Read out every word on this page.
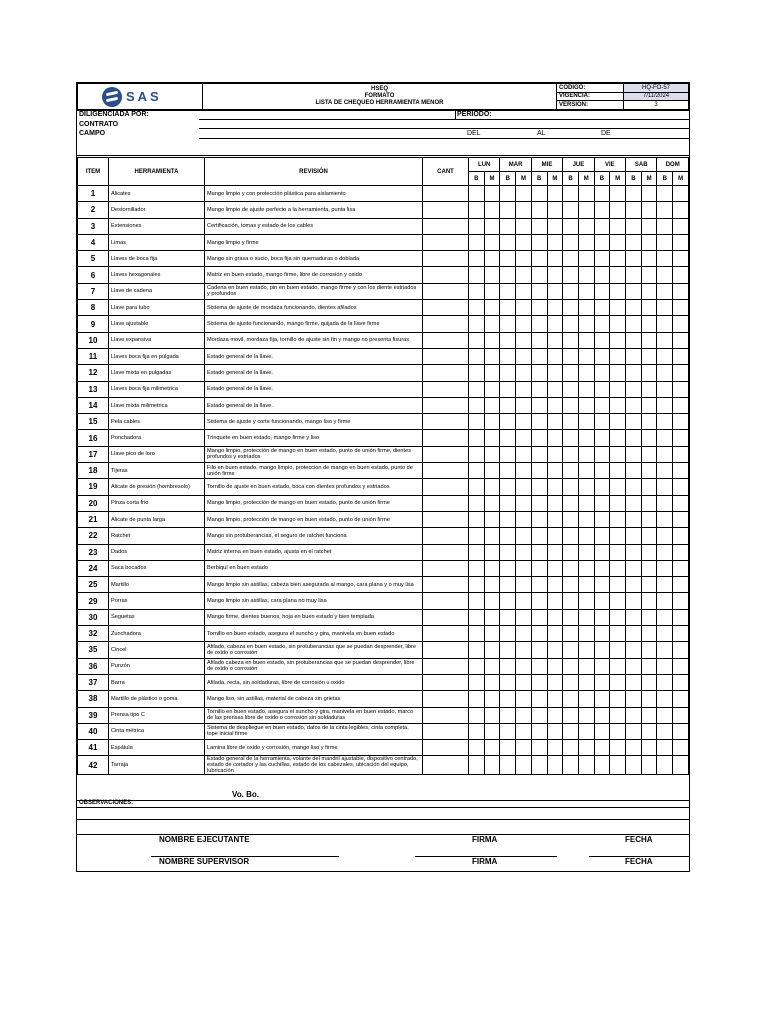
SAS	HSEQ
FORMATO
LISTA DE CHEQUEO HERRAMIENTA MENOR	CÓDIGO:	HQ-FO-57
		VIGENCIA:	7/11/2024
		VERSIÓN:	3
DILIGENCIADA POR:	PERIODO:
CONTRATO
CAMPO	DEL	AL	DE
ITEM	HERRAMIENTA	REVISIÓN	CANT	LUN		MAR		MIE		JUE		VIE		SAB		DOM	
				B	M	B	M	B	M	B	M	B	M	B	M	B	M
1	Alicates	Mango limpio y con protección plástica para aislamiento															
2	Destornillador	Mango limpio de ajuste perfecto a la herramienta, punta lisa															
3	Extensiones	Certificación, tomas y estado de los cables															
4	Limas	Mango limpio y firme															
5	Llaves de boca fija	Mango sin grasa o sucio, boca fija sin quemaduras o doblada															
6	Llaves hexagonales	Matriz en buen estado, mango firme, libre de corrosión y oxido															
7	Llave de cadena	Cadena en buen estado, pin en buen estado, mango firme y con los diente estriados y profundos															
8	Llave para tubo	Sistema de ajuste de mordaza funcionando, dientes afilados															
9	Llave ajustable	Sistema de ajuste funcionando, mango firme, quijada de la llave firme															
10	Llave expansiva	Mordaza movil, mordaza fija, tornillo de ajuste sin fin y mango no presenta fisuras															
11	Llaves boca fija en pulgada	Estado general de la llave.															
12	Llave mixta en pulgadas	Estado general de la llave.															
13	Llaves boca fija milimetrica	Estado general de la llave.															
14	Llave mixta milimetrica	Estado general de la llave.															
15	Pela cables	Sistema de ajuste y corte funcionando, mango liso y firme															
16	Ponchadora	Trinquete en buen estado, mango firme y liso															
17	Llave pico de loro	Mango limpio, protección de mango en buen estado, punto de unión firme, dientes profundos y estriados															
18	Tijeras	Filo en buen estado, mango limpio, proteccion de mango en buen estado, punto de unión firme															
19	Alicate de presión (hombresolo)	Tornillo de ajuste en buen estado, boca con dientes profundos y estriados															
20	Pinza corta frio	Mango limpio, protección de mango en buen estado, punto de unión firme															
21	Alicate de punta larga	Mango limpio, protección de mango en buen estado, punto de unión firme															
22	Ratchet	Mango sin protuberancias, el seguro de ratchet funciona															
23	Dados	Matriz interna en buen estado, ajusta en el ratchet															
24	Saca bocados	Berbiquí en buen estado															
25	Martillo	Mango limpio sin astillas, cabeza bien asegurada al mango, cara plana y o muy lisa															
29	Porras	Mango limpio sin astillas, cara plana no muy lisa															
30	Seguetas	Mango firme, dientes buenos, hoja en buen estado y bien templada															
32	Zunchadora	Tornillo en buen estado, asegura el suncho y gira, manivela en buen estado															
35	Cincel	Afilado, cabeza en buen estado, sin protuberancias que se puedan desprender, libre de oxido o corrosión															
36	Punzón	Afilado cabeza en buen estado, sin protuberancias que se puedan desprender, libre de oxido o corrosión															
37	Barra	Afilada, recta, sin soldaduras, libre de corrosión u oxido															
38	Martillo de plástico o goma	Mango liso, sin astillas, material de cabeza sin grietas															
39	Prensa tipo C	Tornillo en buen estado, asegura el suncho y gira, manivela en buen estado, marco de las prensas libre de oxido o corrosión sin soldaduras															
40	Cinta métrica	Sistema de despliegue en buen estado, datos de la cinta legibles, cinta completa, tope inicial firme															
41	Espátula	Lamina libre de oxido y corrosión, mango liso y firme															
42	Tarraja	Estado general de la herramienta, volante del mandril ajustable, dispositivo centrado, estado de cortador y las cuchillas, estado de los cabezales, ubicación del equipo, lubricación															
Vo. Bo.
OBSERVACIONES:
NOMBRE EJECUTANTE	FIRMA	FECHA
NOMBRE SUPERVISOR	FIRMA	FECHA
